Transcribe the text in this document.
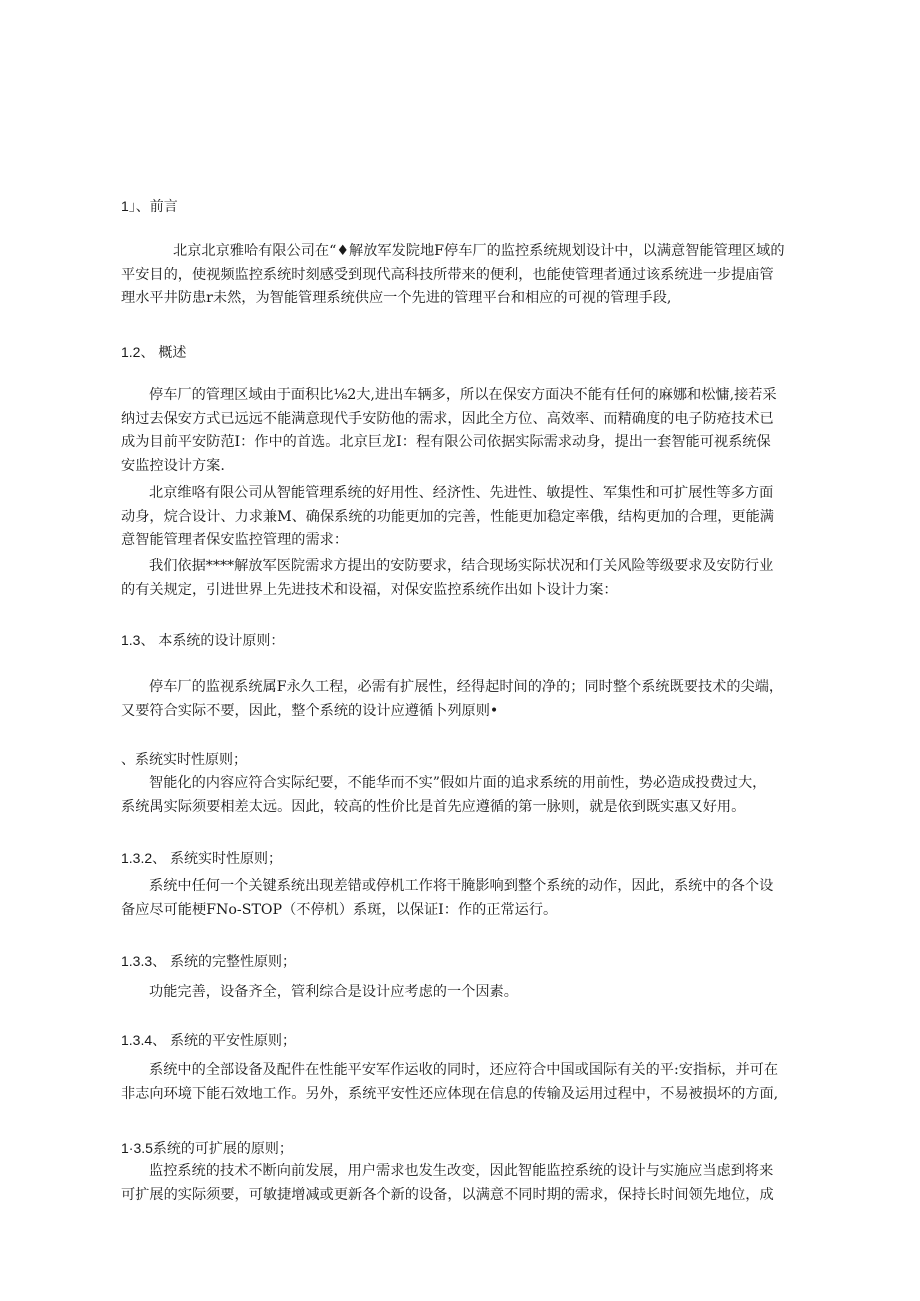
1」、前言
北京北京雅哈有限公司在“♦解放军发院地F停车厂的监控系统规划设计中，以满意智能管理区域的
平安目的，使视频监控系统时刻感受到现代高科技所带来的便利，也能使管理者通过该系统进一步提庙管
理水平井防患r未然，为智能管理系统供应一个先进的管理平台和相应的可视的管理手段,
1.2、 概述
停车厂的管理区域由于面积比⅛2大,进出车辆多，所以在保安方面决不能有任何的麻娜和松慵,接若采
纳过去保安方式已远远不能满意现代手安防他的需求，因此全方位、高效率、而精确度的电子防疮技术已
成为目前平安防范I：作中的首选。北京巨龙I：程有限公司依据实际需求动身，提出一套智能可视系统保
安监控设计方案.
北京维咯有限公司从智能管理系统的好用性、经济性、先进性、敏提性、军集性和可扩展性等多方面
动身，烷合设计、力求兼M、确保系统的功能更加的完善，性能更加稳定率俄，结构更加的合理，更能满
意智能管理者保安监控管理的需求：
我们依据****解放军医院需求方提出的安防要求，结合现场实际状况和仃关风险等级要求及安防行业
的有关规定，引进世界上先进技术和设福，对保安监控系统作出如卜设计力案：
1.3、 本系统的设计原则：
停车厂的监视系统属F永久工程，必需有扩展性，经得起时间的净的；同时整个系统既要技术的尖端，
又要符合实际不要，因此，整个系统的设计应遵循卜列原则•
、系统实时性原则；
智能化的内容应符合实际纪要，不能华而不实”假如片面的追求系统的用前性，势必造成投费过大，
系统禺实际须要相差太远。因此，较高的性价比是首先应遵循的第一脉则，就是依到既实惠又好用。
1.3.2、 系统实时性原则；
系统中任何一个关键系统出现差错或停机工作将干腌影响到整个系统的动作，因此，系统中的各个设
备应尽可能梗FNo-STOP（不停机）系斑，以保证I：作的正常运行。
1.3.3、 系统的完整性原则；
功能完善，设备齐全，管利综合是设计应考虑的一个因素。
1.3.4、 系统的平安性原则；
系统中的全部设备及配件在性能平安军作运收的同时，还应符合中国或国际有关的平:安指标，并可在
非志向环境下能石效地工作。另外，系统平安性还应体现在信息的传输及运用过程中，不易被损坏的方面,
1·3.5系统的可扩展的原则；
监控系统的技术不断向前发展，用户需求也发生改变，因此智能监控系统的设计与实施应当虑到将来
可扩展的实际须要，可敏捷增减或更新各个新的设备，以满意不同时期的需求，保持长时间领先地位，成
